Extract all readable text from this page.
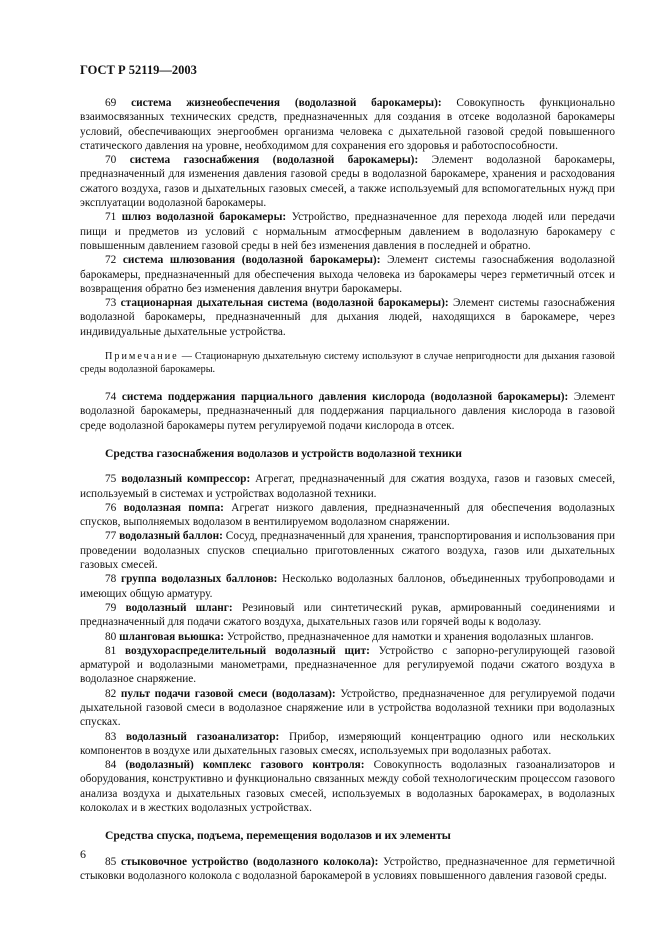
ГОСТ Р 52119—2003

69 система жизнеобеспечения (водолазной барокамеры): Совокупность функционально взаимосвязанных технических средств, предназначенных для создания в отсеке водолазной барокамеры условий, обеспечивающих энергообмен организма человека с дыхательной газовой средой повышенного статического давления на уровне, необходимом для сохранения его здоровья и работоспособности.

70 система газоснабжения (водолазной барокамеры): Элемент водолазной барокамеры, предназначенный для изменения давления газовой среды в водолазной барокамере, хранения и расходования сжатого воздуха, газов и дыхательных газовых смесей, а также используемый для вспомогательных нужд при эксплуатации водолазной барокамеры.

71 шлюз водолазной барокамеры: Устройство, предназначенное для перехода людей или передачи пищи и предметов из условий с нормальным атмосферным давлением в водолазную барокамеру с повышенным давлением газовой среды в ней без изменения давления в последней и обратно.

72 система шлюзования (водолазной барокамеры): Элемент системы газоснабжения водолазной барокамеры, предназначенный для обеспечения выхода человека из барокамеры через герметичный отсек и возвращения обратно без изменения давления внутри барокамеры.

73 стационарная дыхательная система (водолазной барокамеры): Элемент системы газоснабжения водолазной барокамеры, предназначенный для дыхания людей, находящихся в барокамере, через индивидуальные дыхательные устройства.

Примечание — Стационарную дыхательную систему используют в случае непригодности для дыхания газовой среды водолазной барокамеры.

74 система поддержания парциального давления кислорода (водолазной барокамеры): Элемент водолазной барокамеры, предназначенный для поддержания парциального давления кислорода в газовой среде водолазной барокамеры путем регулируемой подачи кислорода в отсек.

Средства газоснабжения водолазов и устройств водолазной техники

75 водолазный компрессор: Агрегат, предназначенный для сжатия воздуха, газов и газовых смесей, используемый в системах и устройствах водолазной техники.

76 водолазная помпа: Агрегат низкого давления, предназначенный для обеспечения водолазных спусков, выполняемых водолазом в вентилируемом водолазном снаряжении.

77 водолазный баллон: Сосуд, предназначенный для хранения, транспортирования и использования при проведении водолазных спусков специально приготовленных сжатого воздуха, газов или дыхательных газовых смесей.

78 группа водолазных баллонов: Несколько водолазных баллонов, объединенных трубопроводами и имеющих общую арматуру.

79 водолазный шланг: Резиновый или синтетический рукав, армированный соединениями и предназначенный для подачи сжатого воздуха, дыхательных газов или горячей воды к водолазу.

80 шланговая вьюшка: Устройство, предназначенное для намотки и хранения водолазных шлангов.

81 воздухораспределительный водолазный щит: Устройство с запорно-регулирующей газовой арматурой и водолазными манометрами, предназначенное для регулируемой подачи сжатого воздуха в водолазное снаряжение.

82 пульт подачи газовой смеси (водолазам): Устройство, предназначенное для регулируемой подачи дыхательной газовой смеси в водолазное снаряжение или в устройства водолазной техники при водолазных спусках.

83 водолазный газоанализатор: Прибор, измеряющий концентрацию одного или нескольких компонентов в воздухе или дыхательных газовых смесях, используемых при водолазных работах.

84 (водолазный) комплекс газового контроля: Совокупность водолазных газоанализаторов и оборудования, конструктивно и функционально связанных между собой технологическим процессом газового анализа воздуха и дыхательных газовых смесей, используемых в водолазных барокамерах, в водолазных колоколах и в жестких водолазных устройствах.

Средства спуска, подъема, перемещения водолазов и их элементы

85 стыковочное устройство (водолазного колокола): Устройство, предназначенное для герметичной стыковки водолазного колокола с водолазной барокамерой в условиях повышенного давления газовой среды.

6
